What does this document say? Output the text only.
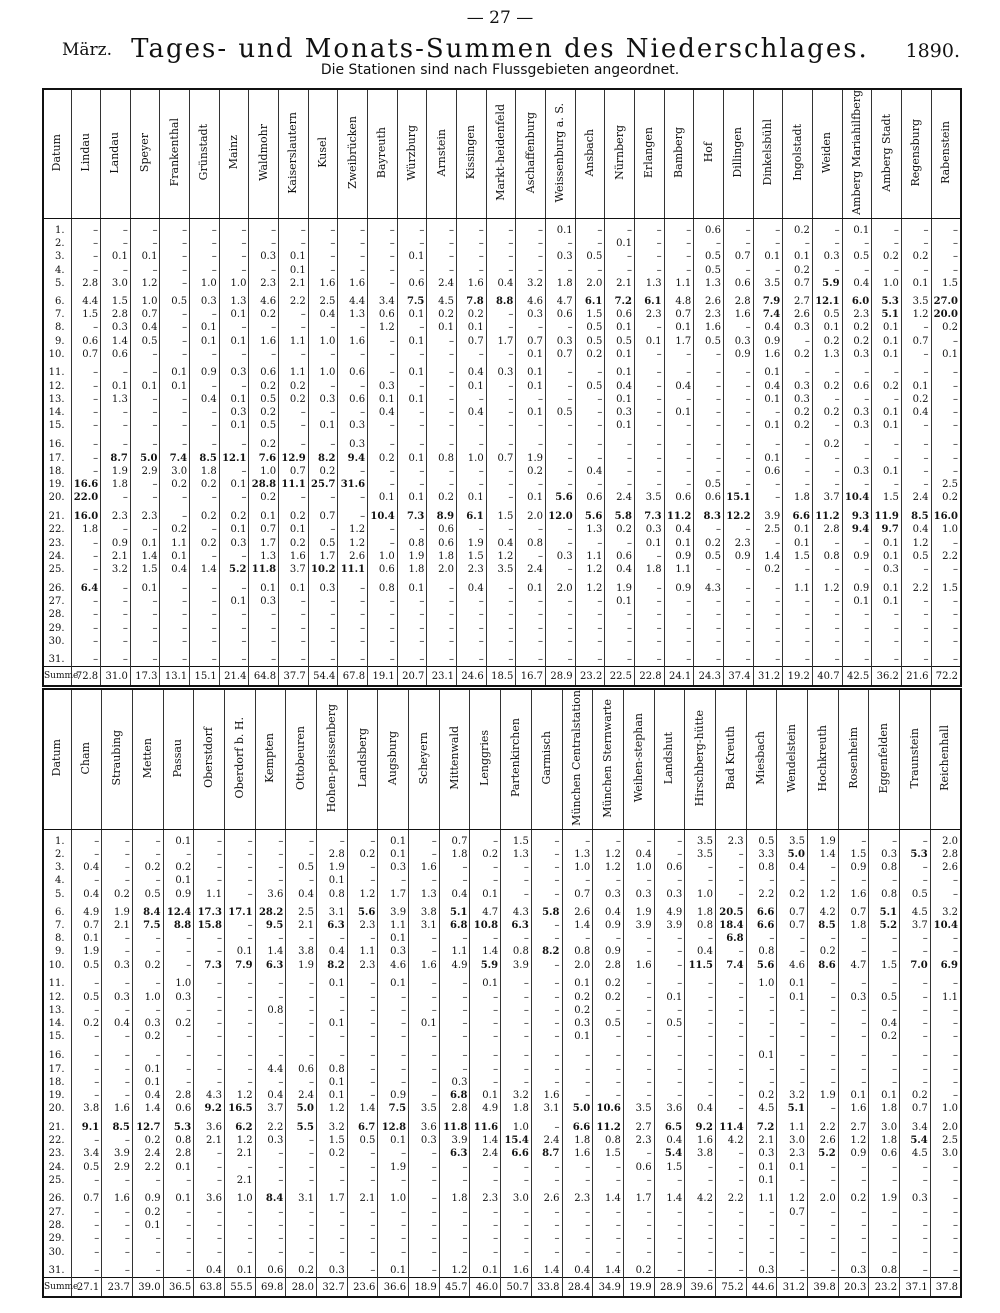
— 27 —
März. Tages- und Monats-Summen des Niederschlages.	1890.
Die Stationen sind nach Flussgebieten angeordnet.
Datum	Lindau	Landau	Speyer	Frankenthal	Grünstadt	Mainz	Waldmohr	Kaiserslautern	Kusel	Zweibrücken	Bayreuth	Würzburg	Arnstein	Kissingen	Markt-heidenfeld	Aschaffenburg	Weissenburg a. S.	Ansbach	Nürnberg	Erlangen	Bamberg	Hof	Dillingen	Dinkelsbühl	Ingolstadt	Weiden	Amberg Mariahilfberg	Amberg Stadt	Regensburg	Rabenstein

1.	–	–	–	–	–	–	–	–	–	–	–	–	–	–	–	–	0.1	–	–	–	–	0.6	–	–	0.2	–	0.1	–	–	–
2.	–	–	–	–	–	–	–	–	–	–	–	–	–	–	–	–	–	–	0.1	–	–	–	–	–	–	–	–	–	–	–
3.	–	0.1	0.1	–	–	–	0.3	0.1	–	–	–	0.1	–	–	–	–	0.3	0.5	–	–	–	0.5	0.7	0.1	0.1	0.3	0.5	0.2	0.2	–
4.	–	–	–	–	–	–	–	0.1	–	–	–	–	–	–	–	–	–	–	–	–	–	0.5	–	–	0.2	–	–	–	–	–
5.	2.8	3.0	1.2	–	1.0	1.0	2.3	2.1	1.6	1.6	–	0.6	2.4	1.6	0.4	3.2	1.8	2.0	2.1	1.3	1.1	1.3	0.6	3.5	0.7	5.9	0.4	1.0	0.1	1.5

6.	4.4	1.5	1.0	0.5	0.3	1.3	4.6	2.2	2.5	4.4	3.4	7.5	4.5	7.8	8.8	4.6	4.7	6.1	7.2	6.1	4.8	2.6	2.8	7.9	2.7	12.1	6.0	5.3	3.5	27.0
7.	1.5	2.8	0.7	–	–	0.1	0.2	–	0.4	1.3	0.6	0.1	0.2	0.2	–	0.3	0.6	1.5	0.6	2.3	0.7	2.3	1.6	7.4	2.6	0.5	2.3	5.1	1.2	20.0
8.	–	0.3	0.4	–	0.1	–	–	–	–	–	1.2	–	0.1	0.1	–	–	–	0.5	0.1	–	0.1	1.6	–	0.4	0.3	0.1	0.2	0.1	–	0.2
9.	0.6	1.4	0.5	–	0.1	0.1	1.6	1.1	1.0	1.6	–	0.1	–	0.7	1.7	0.7	0.3	0.5	0.5	0.1	1.7	0.5	0.3	0.9	–	0.2	0.2	0.1	0.7	–
10.	0.7	0.6	–	–	–	–	–	–	–	–	–	–	–	–	–	0.1	0.7	0.2	0.1	–	–	–	0.9	1.6	0.2	1.3	0.3	0.1	–	0.1

11.	–	–	–	0.1	0.9	0.3	0.6	1.1	1.0	0.6	–	0.1	–	0.4	0.3	0.1	–	–	0.1	–	–	–	–	0.1	–	–	–	–	–	–
12.	–	0.1	0.1	0.1	–	–	0.2	0.2	–	–	0.3	–	–	0.1	–	0.1	–	0.5	0.4	–	0.4	–	–	0.4	0.3	0.2	0.6	0.2	0.1	–
13.	–	1.3	–	–	0.4	0.1	0.5	0.2	0.3	0.6	0.1	0.1	–	–	–	–	–	–	0.1	–	–	–	–	0.1	0.3	–	–	–	0.2	–
14.	–	–	–	–	–	0.3	0.2	–	–	–	0.4	–	–	0.4	–	0.1	0.5	–	0.3	–	0.1	–	–	–	0.2	0.2	0.3	0.1	0.4	–
15.	–	–	–	–	–	0.1	0.5	–	0.1	0.3	–	–	–	–	–	–	–	–	0.1	–	–	–	–	0.1	0.2	–	0.3	0.1	–	–

16.	–	–	–	–	–	–	0.2	–	–	0.3	–	–	–	–	–	–	–	–	–	–	–	–	–	–	–	0.2	–	–	–	–
17.	–	8.7	5.0	7.4	8.5	12.1	7.6	12.9	8.2	9.4	0.2	0.1	0.8	1.0	0.7	1.9	–	–	–	–	–	–	–	0.1	–	–	–	–	–	–
18.	–	1.9	2.9	3.0	1.8	–	1.0	0.7	0.2	–	–	–	–	–	–	0.2	–	0.4	–	–	–	–	–	0.6	–	–	0.3	0.1	–	–
19.	16.6	1.8	–	0.2	0.2	0.1	28.8	11.1	25.7	31.6	–	–	–	–	–	–	–	–	–	–	–	0.5	–	–	–	–	–	–	–	2.5
20.	22.0	–	–	–	–	–	0.2	–	–	–	0.1	0.1	0.2	0.1	–	0.1	5.6	0.6	2.4	3.5	0.6	0.6	15.1	–	1.8	3.7	10.4	1.5	2.4	0.2

21.	16.0	2.3	2.3	–	0.2	0.2	0.1	0.2	0.7	–	10.4	7.3	8.9	6.1	1.5	2.0	12.0	5.6	5.8	7.3	11.2	8.3	12.2	3.9	6.6	11.2	9.3	11.9	8.5	16.0
22.	1.8	–	–	0.2	–	0.1	0.7	0.1	–	1.2	–	–	0.6	–	–	–	–	1.3	0.2	0.3	0.4	–	–	2.5	0.1	2.8	9.4	9.7	0.4	1.0
23.	–	0.9	0.1	1.1	0.2	0.3	1.7	0.2	0.5	1.2	–	0.8	0.6	1.9	0.4	0.8	–	–	–	0.1	0.1	0.2	2.3	–	0.1	–	–	0.1	1.2	–
24.	–	2.1	1.4	0.1	–	–	1.3	1.6	1.7	2.6	1.0	1.9	1.8	1.5	1.2	–	0.3	1.1	0.6	–	0.9	0.5	0.9	1.4	1.5	0.8	0.9	0.1	0.5	2.2
25.	–	3.2	1.5	0.4	1.4	5.2	11.8	3.7	10.2	11.1	0.6	1.8	2.0	2.3	3.5	2.4	–	1.2	0.4	1.8	1.1	–	–	0.2	–	–	–	0.3	–	–

26.	6.4	–	0.1	–	–	–	0.1	0.1	0.3	–	0.8	0.1	–	0.4	–	0.1	2.0	1.2	1.9	–	0.9	4.3	–	–	1.1	1.2	0.9	0.1	2.2	1.5
27.	–	–	–	–	–	0.1	0.3	–	–	–	–	–	–	–	–	–	–	–	0.1	–	–	–	–	–	–	–	0.1	0.1	–	–
28.	–	–	–	–	–	–	–	–	–	–	–	–	–	–	–	–	–	–	–	–	–	–	–	–	–	–	–	–	–	–
29.	–	–	–	–	–	–	–	–	–	–	–	–	–	–	–	–	–	–	–	–	–	–	–	–	–	–	–	–	–	–
30.	–	–	–	–	–	–	–	–	–	–	–	–	–	–	–	–	–	–	–	–	–	–	–	–	–	–	–	–	–	–

31.	–	–	–	–	–	–	–	–	–	–	–	–	–	–	–	–	–	–	–	–	–	–	–	–	–	–	–	–	–	–
Summe	72.8	31.0	17.3	13.1	15.1	21.4	64.8	37.7	54.4	67.8	19.1	20.7	23.1	24.6	18.5	16.7	28.9	23.2	22.5	22.8	24.1	24.3	37.4	31.2	19.2	40.7	42.5	36.2	21.6	72.2
Datum	Cham	Straubing	Metten	Passau	Oberstdorf	Oberdorf b. H.	Kempten	Ottobeuren	Hohen-peissenberg	Landsberg	Augsburg	Scheyern	Mittenwald	Lenggries	Partenkirchen	Garmisch	München Centralstation	München Sternwarte	Weihen-stephan	Landshut	Hirschberg-hütte	Bad Kreuth	Miesbach	Wendelstein	Hochkreuth	Rosenheim	Eggenfelden	Traunstein	Reichenhall

1.	–	–	–	0.1	–	–	–	–	–	–	0.1	–	0.7	–	1.5	–	–	–	–	–	3.5	2.3	0.5	3.5	1.9	–	–	–	2.0
2.	–	–	–	–	–	–	–	–	2.8	0.2	0.1	–	1.8	0.2	1.3	–	1.3	1.2	0.4	–	3.5	–	3.3	5.0	1.4	1.5	0.3	5.3	2.8
3.	0.4	–	0.2	0.2	–	–	–	0.5	1.9	–	0.3	1.6	–	–	–	–	1.0	1.2	1.0	0.6	–	–	0.8	0.4	–	0.9	0.8	–	2.6
4.	–	–	–	0.1	–	–	–	–	0.1	–	–	–	–	–	–	–	–	–	–	–	–	–	–	–	–	–	–	–	–
5.	0.4	0.2	0.5	0.9	1.1	–	3.6	0.4	0.8	1.2	1.7	1.3	0.4	0.1	–	–	0.7	0.3	0.3	0.3	1.0	–	2.2	0.2	1.2	1.6	0.8	0.5	–

6.	4.9	1.9	8.4	12.4	17.3	17.1	28.2	2.5	3.1	5.6	3.9	3.8	5.1	4.7	4.3	5.8	2.6	0.4	1.9	4.9	1.8	20.5	6.6	0.7	4.2	0.7	5.1	4.5	3.2
7.	0.7	2.1	7.5	8.8	15.8	–	9.5	2.1	6.3	2.3	1.1	3.1	6.8	10.8	6.3	–	1.4	0.9	3.9	3.9	0.8	18.4	6.6	0.7	8.5	1.8	5.2	3.7	10.4
8.	0.1	–	–	–	–	–	–	–	–	–	0.1	–	–	–	–	–	–	–	–	–	–	6.8	–	–	–	–	–	–	–
9.	1.9	–	–	–	–	0.1	1.4	3.8	0.4	1.1	0.3	–	1.1	1.4	0.8	8.2	0.8	0.9	–	–	0.4	–	0.8	–	0.2	–	–	–	–
10.	0.5	0.3	0.2	–	7.3	7.9	6.3	1.9	8.2	2.3	4.6	1.6	4.9	5.9	3.9	–	2.0	2.8	1.6	–	11.5	7.4	5.6	4.6	8.6	4.7	1.5	7.0	6.9

11.	–	–	–	1.0	–	–	–	–	0.1	–	0.1	–	–	0.1	–	–	0.1	0.2	–	–	–	–	1.0	0.1	–	–	–	–	–
12.	0.5	0.3	1.0	0.3	–	–	–	–	–	–	–	–	–	–	–	–	0.2	0.2	–	0.1	–	–	–	0.1	–	0.3	0.5	–	1.1
13.	–	–	–	–	–	–	0.8	–	–	–	–	–	–	–	–	–	0.2	–	–	–	–	–	–	–	–	–	–	–	–
14.	0.2	0.4	0.3	0.2	–	–	–	–	0.1	–	–	0.1	–	–	–	–	0.3	0.5	–	0.5	–	–	–	–	–	–	0.4	–	–
15.	–	–	0.2	–	–	–	–	–	–	–	–	–	–	–	–	–	0.1	–	–	–	–	–	–	–	–	–	0.2	–	–

16.	–	–	–	–	–	–	–	–	–	–	–	–	–	–	–	–	–	–	–	–	–	–	0.1	–	–	–	–	–	–
17.	–	–	0.1	–	–	–	4.4	0.6	0.8	–	–	–	–	–	–	–	–	–	–	–	–	–	–	–	–	–	–	–	–
18.	–	–	0.1	–	–	–	–	–	0.1	–	–	–	0.3	–	–	–	–	–	–	–	–	–	–	–	–	–	–	–	–
19.	–	–	0.4	2.8	4.3	1.2	0.4	2.4	0.1	–	0.9	–	6.8	0.1	3.2	1.6	–	–	–	–	–	–	0.2	3.2	1.9	0.1	0.1	0.2	–
20.	3.8	1.6	1.4	0.6	9.2	16.5	3.7	5.0	1.2	1.4	7.5	3.5	2.8	4.9	1.8	3.1	5.0	10.6	3.5	3.6	0.4	–	4.5	5.1	–	1.6	1.8	0.7	1.0

21.	9.1	8.5	12.7	5.3	3.6	6.2	2.2	5.5	3.2	6.7	12.8	3.6	11.8	11.6	1.0	–	6.6	11.2	2.7	6.5	9.2	11.4	7.2	1.1	2.2	2.7	3.0	3.4	2.0
22.	–	–	0.2	0.8	2.1	1.2	0.3	–	1.5	0.5	0.1	0.3	3.9	1.4	15.4	2.4	1.8	0.8	2.3	0.4	1.6	4.2	2.1	3.0	2.6	1.2	1.8	5.4	2.5
23.	3.4	3.9	2.4	2.8	–	2.1	–	–	0.2	–	–	–	6.3	2.4	6.6	8.7	1.6	1.5	–	5.4	3.8	–	0.3	2.3	5.2	0.9	0.6	4.5	3.0
24.	0.5	2.9	2.2	0.1	–	–	–	–	–	–	1.9	–	–	–	–	–	–	–	0.6	1.5	–	–	0.1	0.1	–	–	–	–	–
25.	–	–	–	–	–	2.1	–	–	–	–	–	–	–	–	–	–	–	–	–	–	–	–	0.1	–	–	–	–	–	–

26.	0.7	1.6	0.9	0.1	3.6	1.0	8.4	3.1	1.7	2.1	1.0	–	1.8	2.3	3.0	2.6	2.3	1.4	1.7	1.4	4.2	2.2	1.1	1.2	2.0	0.2	1.9	0.3	–
27.	–	–	0.2	–	–	–	–	–	–	–	–	–	–	–	–	–	–	–	–	–	–	–	–	0.7	–	–	–	–	–
28.	–	–	0.1	–	–	–	–	–	–	–	–	–	–	–	–	–	–	–	–	–	–	–	–	–	–	–	–	–	–
29.	–	–	–	–	–	–	–	–	–	–	–	–	–	–	–	–	–	–	–	–	–	–	–	–	–	–	–	–	–
30.	–	–	–	–	–	–	–	–	–	–	–	–	–	–	–	–	–	–	–	–	–	–	–	–	–	–	–	–	–

31.	–	–	–	–	0.4	0.1	0.6	0.2	0.3	–	0.1	–	1.2	0.1	1.6	1.4	0.4	1.4	0.2	–	–	–	0.3	–	–	0.3	0.8	–	–
Summe	27.1	23.7	39.0	36.5	63.8	55.5	69.8	28.0	32.7	23.6	36.6	18.9	45.7	46.0	50.7	33.8	28.4	34.9	19.9	28.9	39.6	75.2	44.6	31.2	39.8	20.3	23.2	37.1	37.8
